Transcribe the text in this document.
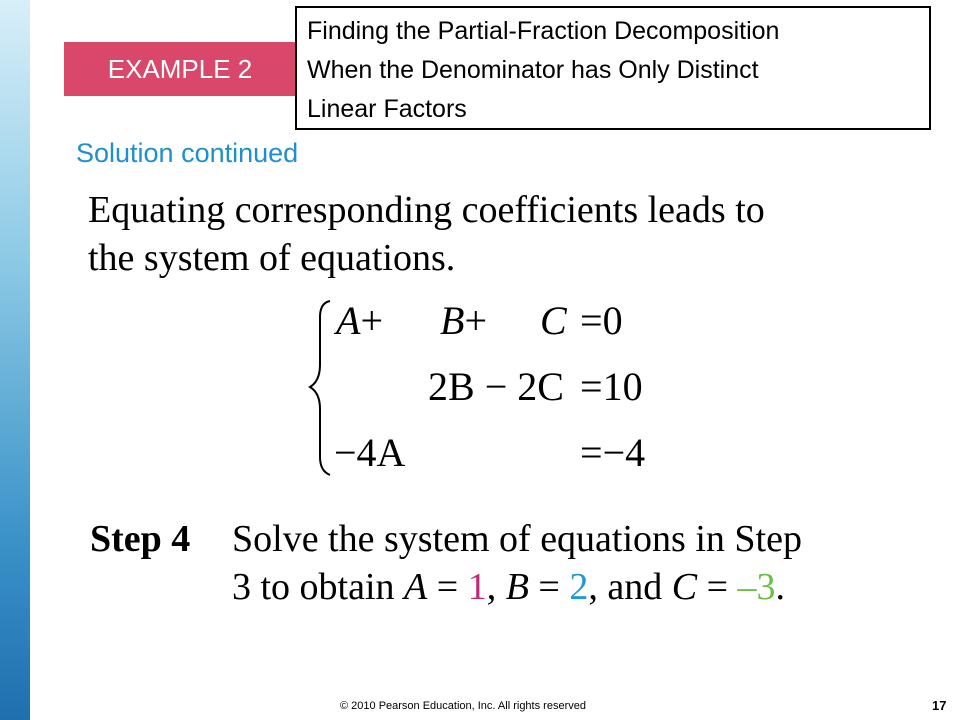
EXAMPLE 2
Finding the Partial-Fraction Decomposition
When the Denominator has Only Distinct
Linear Factors
Solution continued
Equating corresponding coefficients leads to
the system of equations.
A+ B+ C =0
2B − 2C =10
−4A	=−4
Step 4 Solve the system of equations in Step
3 to obtain A = 1, B = 2, and C = –3.
© 2010 Pearson Education, Inc. All rights reserved	17
